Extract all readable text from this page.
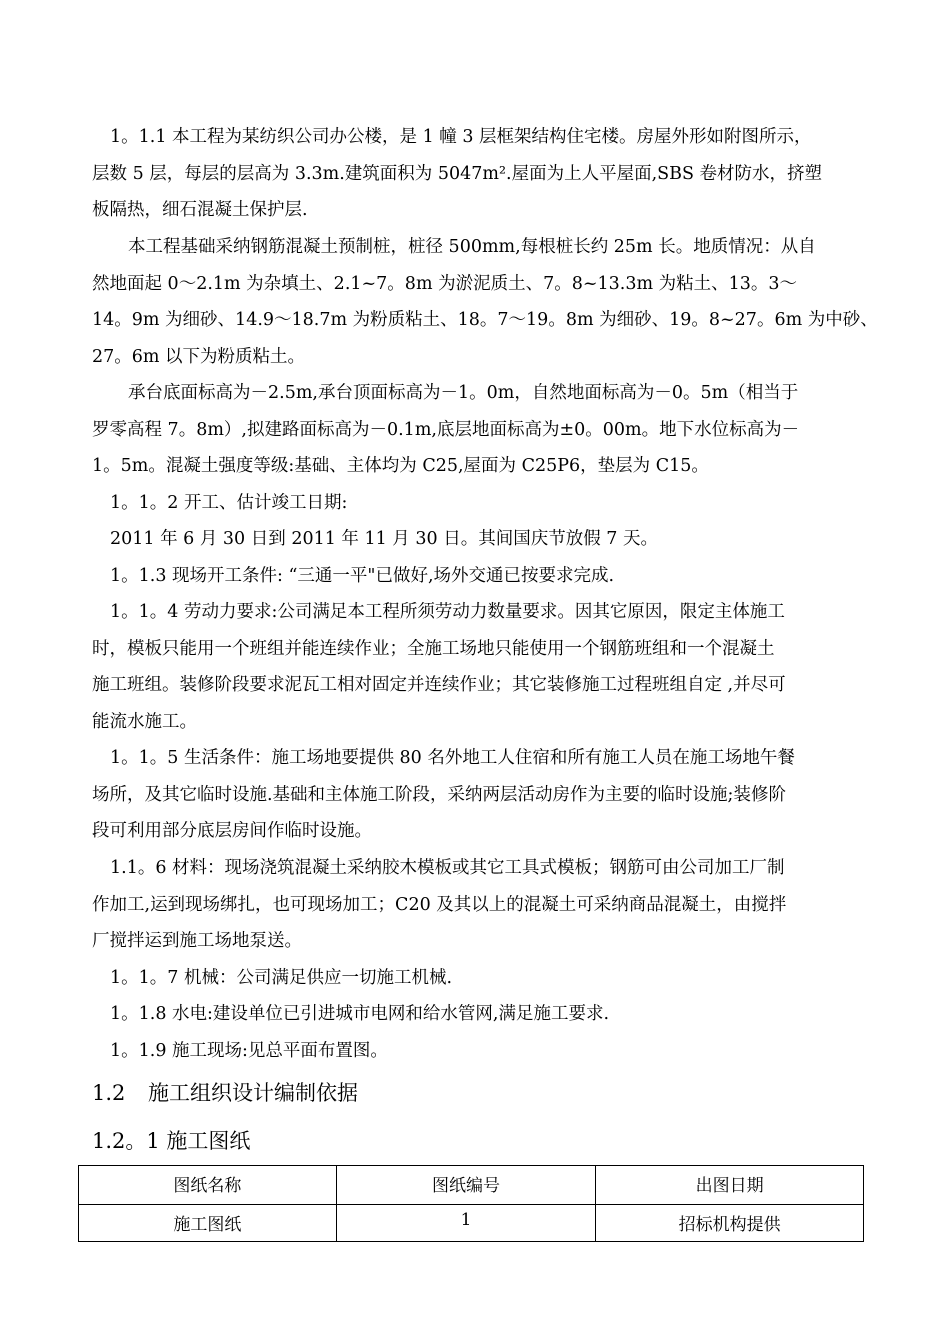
1。1.1 本工程为某纺织公司办公楼，是 1 幢 3 层框架结构住宅楼。房屋外形如附图所示，
层数 5 层，每层的层高为 3.3m.建筑面积为 5047m².屋面为上人平屋面,SBS 卷材防水，挤塑
板隔热，细石混凝土保护层.
本工程基础采纳钢筋混凝土预制桩，桩径 500mm,每根桩长约 25m 长。地质情况：从自
然地面起 0～2.1m 为杂填土、2.1~7。8m 为淤泥质土、7。8~13.3m 为粘土、13。3～
14。9m 为细砂、14.9～18.7m 为粉质粘土、18。7～19。8m 为细砂、19。8~27。6m 为中砂、
27。6m 以下为粉质粘土。
承台底面标高为－2.5m,承台顶面标高为－1。0m，自然地面标高为－0。5m（相当于
罗零高程 7。8m）,拟建路面标高为－0.1m,底层地面标高为±0。00m。地下水位标高为－
1。5m。混凝土强度等级:基础、主体均为 C25,屋面为 C25P6，垫层为 C15。
1。1。2 开工、估计竣工日期:
2011 年 6 月 30 日到 2011 年 11 月 30 日。其间国庆节放假 7 天。
1。1.3 现场开工条件: “三通一平"已做好,场外交通已按要求完成.
1。1。4 劳动力要求:公司满足本工程所须劳动力数量要求。因其它原因，限定主体施工
时，模板只能用一个班组并能连续作业；全施工场地只能使用一个钢筋班组和一个混凝土
施工班组。装修阶段要求泥瓦工相对固定并连续作业；其它装修施工过程班组自定 ,并尽可
能流水施工。
1。1。5 生活条件：施工场地要提供 80 名外地工人住宿和所有施工人员在施工场地午餐
场所，及其它临时设施.基础和主体施工阶段，采纳两层活动房作为主要的临时设施;装修阶
段可利用部分底层房间作临时设施。
1.1。6 材料：现场浇筑混凝土采纳胶木模板或其它工具式模板；钢筋可由公司加工厂制
作加工,运到现场绑扎，也可现场加工；C20 及其以上的混凝土可采纳商品混凝土，由搅拌
厂搅拌运到施工场地泵送。
1。1。7 机械：公司满足供应一切施工机械.
1。1.8 水电:建设单位已引进城市电网和给水管网,满足施工要求.
1。1.9 施工现场:见总平面布置图。
1.2 施工组织设计编制依据
1.2。1 施工图纸
图纸名称	图纸编号	出图日期
施工图纸	1	招标机构提供
